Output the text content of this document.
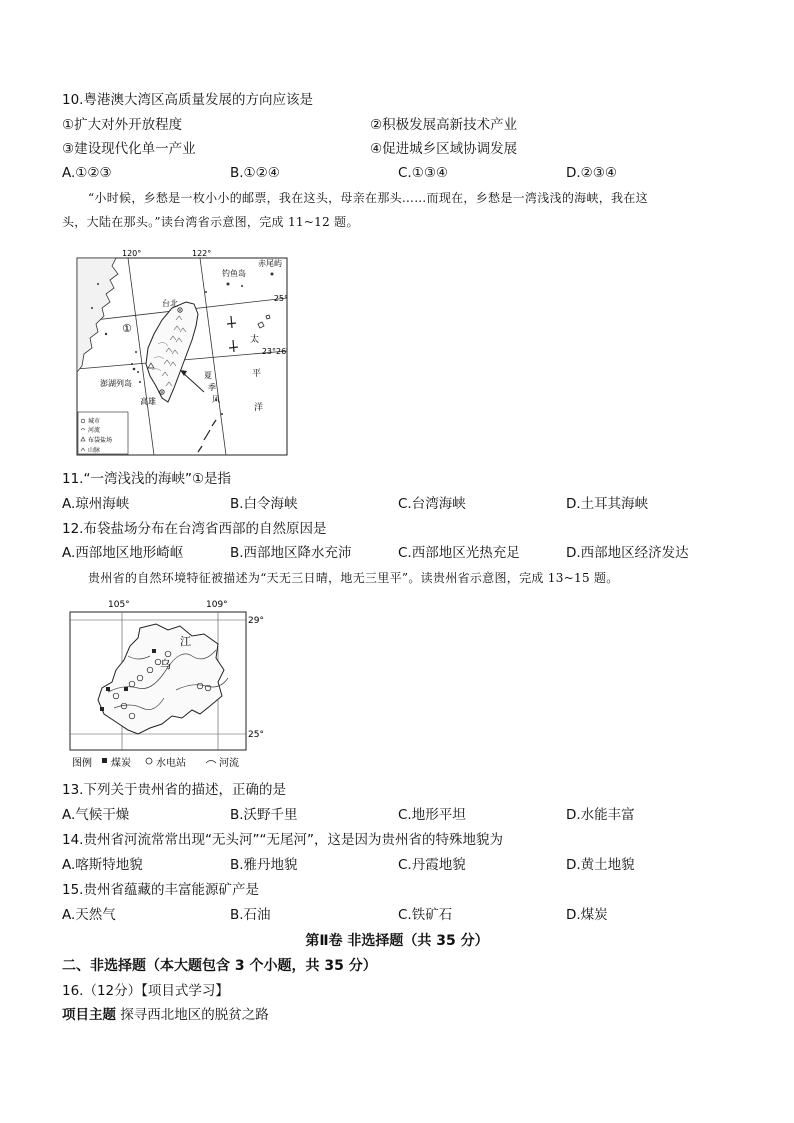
10.粤港澳大湾区高质量发展的方向应该是
①扩大对外开放程度	②积极发展高新技术产业
③建设现代化单一产业	④促进城乡区域协调发展
A.①②③	B.①②④	C.①③④	D.②③④
“小时候，乡愁是一枚小小的邮票，我在这头，母亲在那头……而现在，乡愁是一湾浅浅的海峡，我在这
头，大陆在那头。”读台湾省示意图，完成 11~12 题。
120°	122°
25°
23°26′
钓鱼岛
赤尾屿
台北
①
澎湖列岛
高雄
太
平
洋
夏
季
风
城市
河流
布袋盐场
山脉
11.“一湾浅浅的海峡”①是指
A.琼州海峡	B.白令海峡	C.台湾海峡	D.土耳其海峡
12.布袋盐场分布在台湾省西部的自然原因是
A.西部地区地形崎岖	B.西部地区降水充沛	C.西部地区光热充足	D.西部地区经济发达
贵州省的自然环境特征被描述为“天无三日晴，地无三里平”。读贵州省示意图，完成 13~15 题。
105°	109°
29°
25°
江
乌
图例 煤炭	水电站	河流
13.下列关于贵州省的描述，正确的是
A.气候干燥	B.沃野千里	C.地形平坦	D.水能丰富
14.贵州省河流常常出现“无头河”“无尾河”，这是因为贵州省的特殊地貌为
A.喀斯特地貌	B.雅丹地貌	C.丹霞地貌	D.黄土地貌
15.贵州省蕴藏的丰富能源矿产是
A.天然气	B.石油	C.铁矿石	D.煤炭
第Ⅱ卷 非选择题（共 35 分）
二、非选择题（本大题包含 3 个小题，共 35 分）
16.（12分）【项目式学习】
项目主题 探寻西北地区的脱贫之路
